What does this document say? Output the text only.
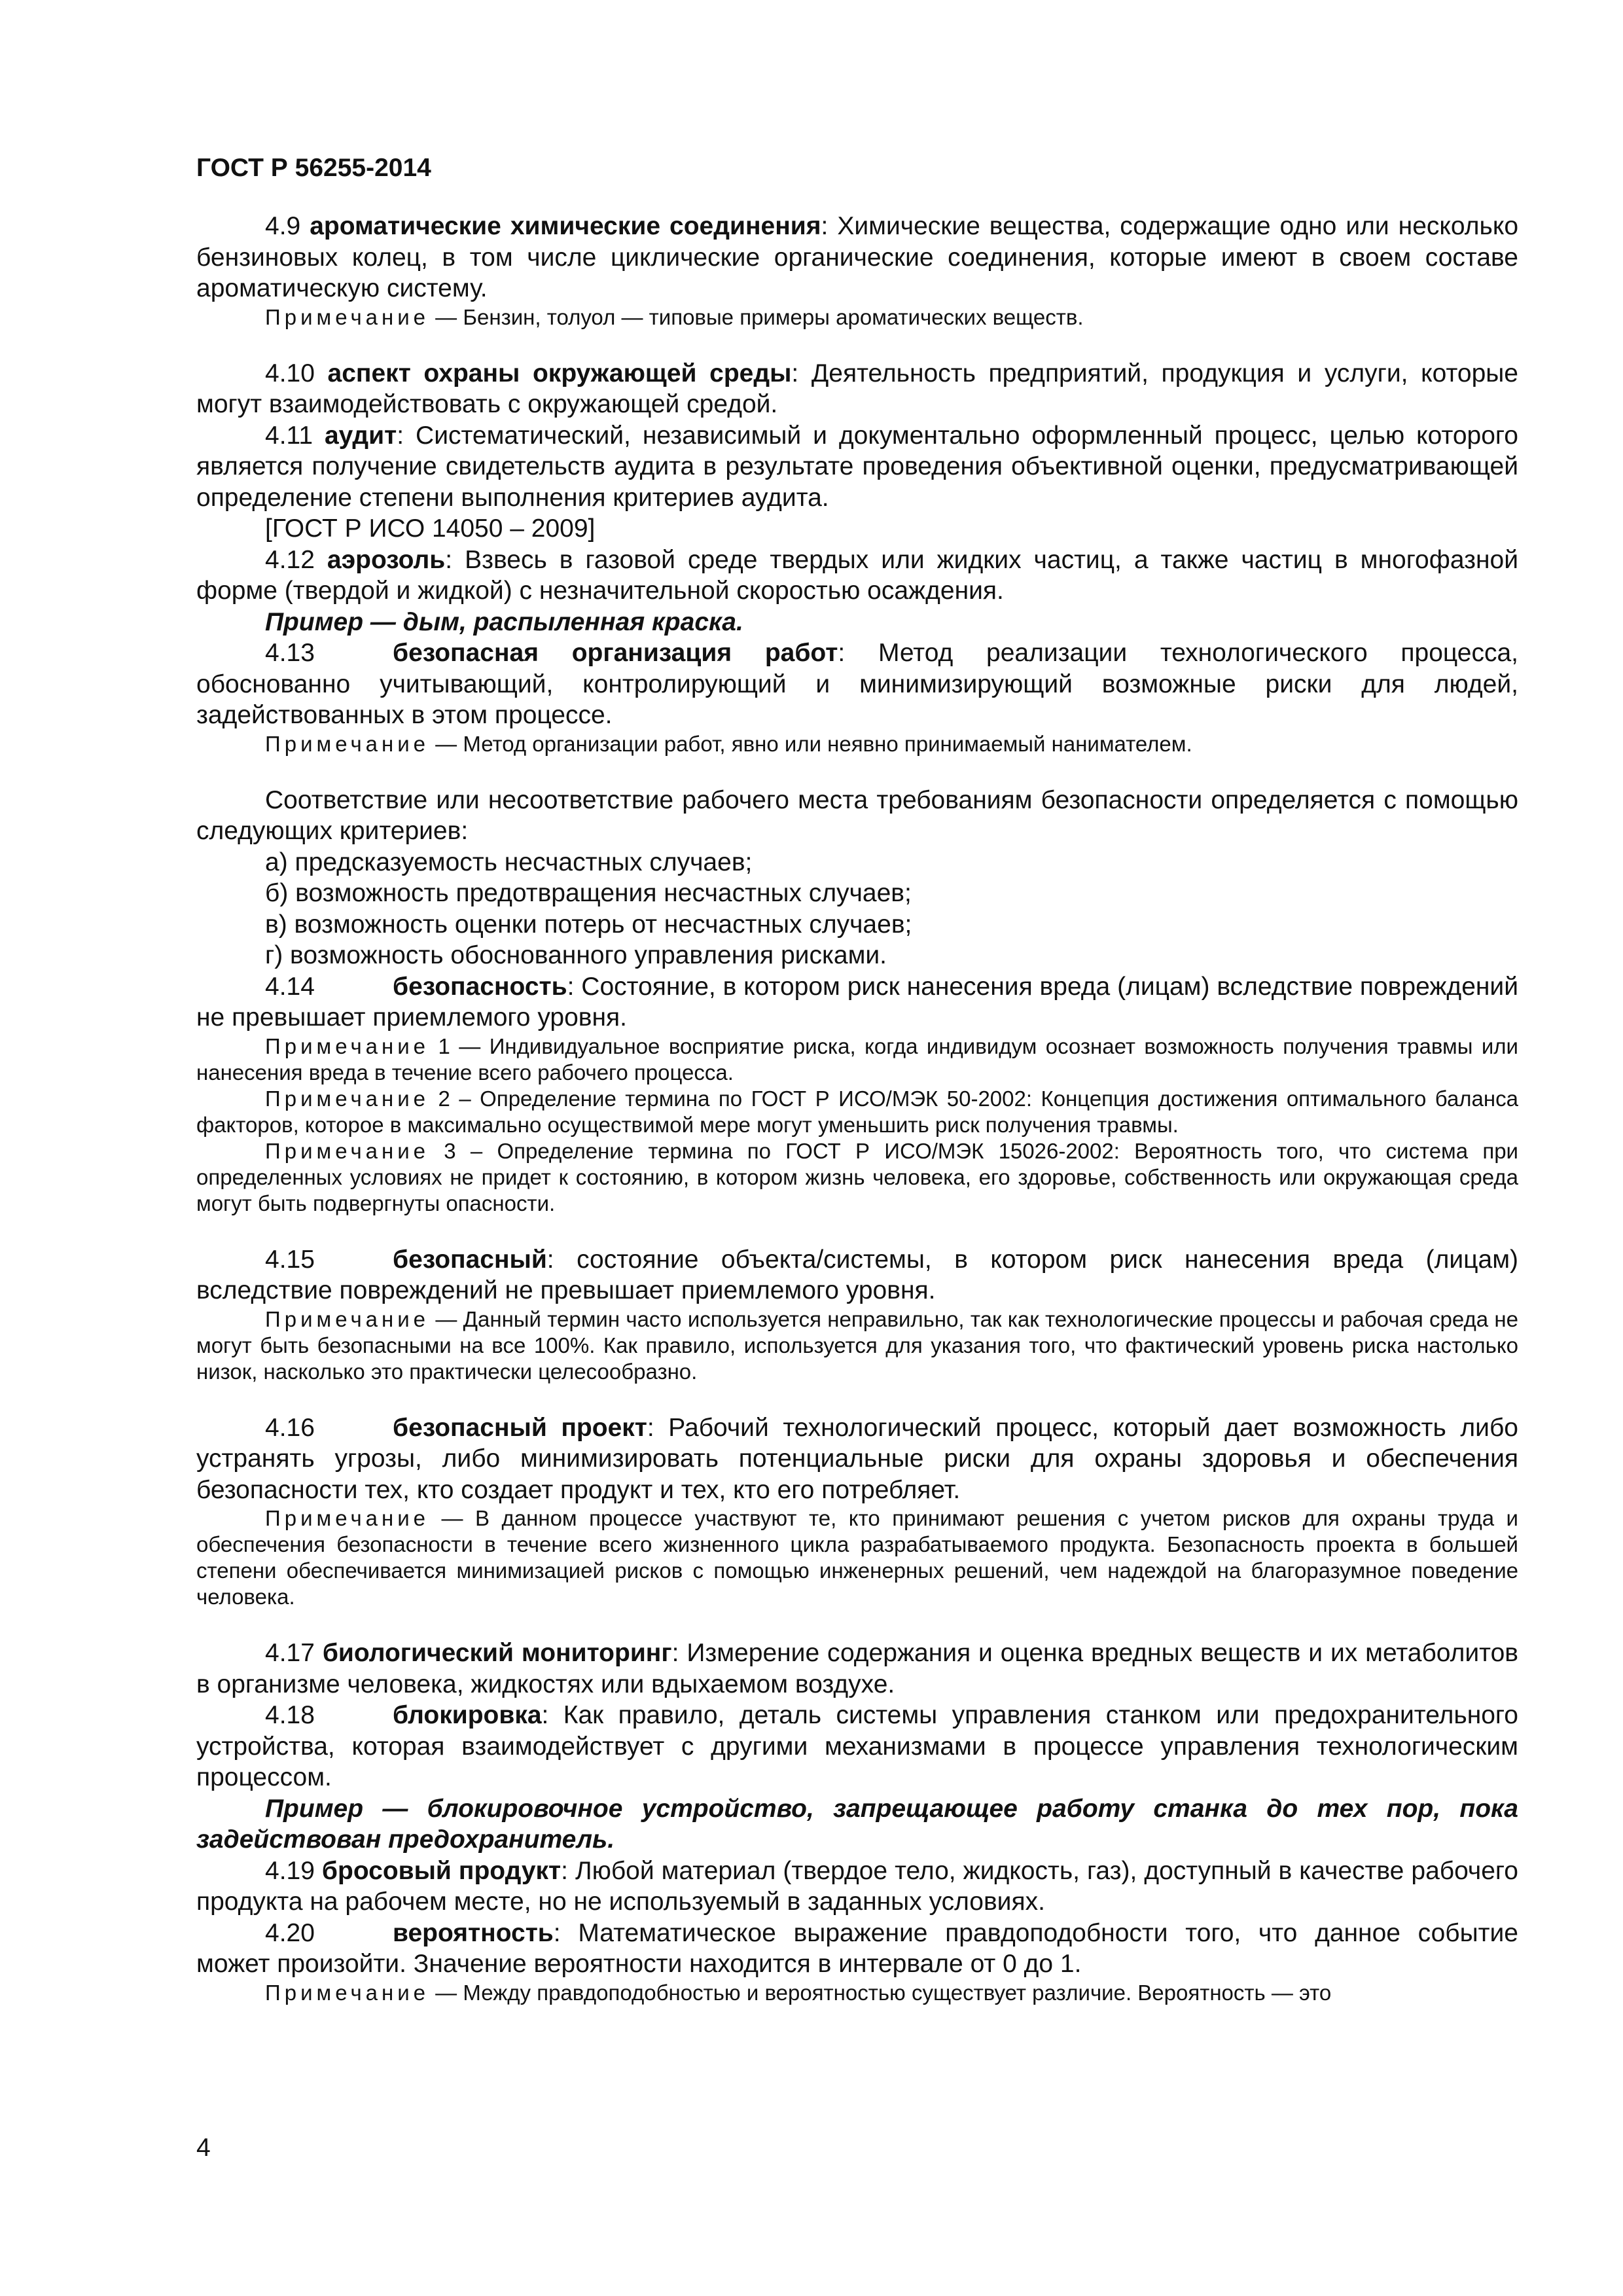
ГОСТ Р 56255-2014

4.9 ароматические химические соединения: Химические вещества, содержащие одно или несколько бензиновых колец, в том числе циклические органические соединения, которые имеют в своем составе ароматическую систему.

Примечание — Бензин, толуол — типовые примеры ароматических веществ.

4.10 аспект охраны окружающей среды: Деятельность предприятий, продукция и услуги, которые могут взаимодействовать с окружающей средой.

4.11 аудит: Систематический, независимый и документально оформленный процесс, целью которого является получение свидетельств аудита в результате проведения объективной оценки, предусматривающей определение степени выполнения критериев аудита.

[ГОСТ Р ИСО 14050 – 2009]

4.12 аэрозоль: Взвесь в газовой среде твердых или жидких частиц, а также частиц в многофазной форме (твердой и жидкой) с незначительной скоростью осаждения.

Пример — дым, распыленная краска.

4.13	безопасная организация работ: Метод реализации технологического процесса, обоснованно учитывающий, контролирующий и минимизирующий возможные риски для людей, задействованных в этом процессе.

Примечание — Метод организации работ, явно или неявно принимаемый нанимателем.

Соответствие или несоответствие рабочего места требованиям безопасности определяется с помощью следующих критериев:

а) предсказуемость несчастных случаев;

б) возможность предотвращения несчастных случаев;

в) возможность оценки потерь от несчастных случаев;

г) возможность обоснованного управления рисками.

4.14	безопасность: Состояние, в котором риск нанесения вреда (лицам) вследствие повреждений не превышает приемлемого уровня.

Примечание 1 — Индивидуальное восприятие риска, когда индивидум осознает возможность получения травмы или нанесения вреда в течение всего рабочего процесса.

Примечание 2 – Определение термина по ГОСТ Р ИСО/МЭК 50-2002: Концепция достижения оптимального баланса факторов, которое в максимально осуществимой мере могут уменьшить риск получения травмы.

Примечание 3 – Определение термина по ГОСТ Р ИСО/МЭК 15026-2002: Вероятность того, что система при определенных условиях не придет к состоянию, в котором жизнь человека, его здоровье, собственность или окружающая среда могут быть подвергнуты опасности.

4.15	безопасный: состояние объекта/системы, в котором риск нанесения вреда (лицам) вследствие повреждений не превышает приемлемого уровня.

Примечание — Данный термин часто используется неправильно, так как технологические процессы и рабочая среда не могут быть безопасными на все 100%. Как правило, используется для указания того, что фактический уровень риска настолько низок, насколько это практически целесообразно.

4.16	безопасный проект: Рабочий технологический процесс, который дает возможность либо устранять угрозы, либо минимизировать потенциальные риски для охраны здоровья и обеспечения безопасности тех, кто создает продукт и тех, кто его потребляет.

Примечание — В данном процессе участвуют те, кто принимают решения с учетом рисков для охраны труда и обеспечения безопасности в течение всего жизненного цикла разрабатываемого продукта. Безопасность проекта в большей степени обеспечивается минимизацией рисков с помощью инженерных решений, чем надеждой на благоразумное поведение человека.

4.17 биологический мониторинг: Измерение содержания и оценка вредных веществ и их метаболитов в организме человека, жидкостях или вдыхаемом воздухе.

4.18	блокировка: Как правило, деталь системы управления станком или предохранительного устройства, которая взаимодействует с другими механизмами в процессе управления технологическим процессом.

Пример — блокировочное устройство, запрещающее работу станка до тех пор, пока задействован предохранитель.

4.19 бросовый продукт: Любой материал (твердое тело, жидкость, газ), доступный в качестве рабочего продукта на рабочем месте, но не используемый в заданных условиях.

4.20	вероятность: Математическое выражение правдоподобности того, что данное событие может произойти. Значение вероятности находится в интервале от 0 до 1.

Примечание — Между правдоподобностью и вероятностью существует различие. Вероятность — это

4
